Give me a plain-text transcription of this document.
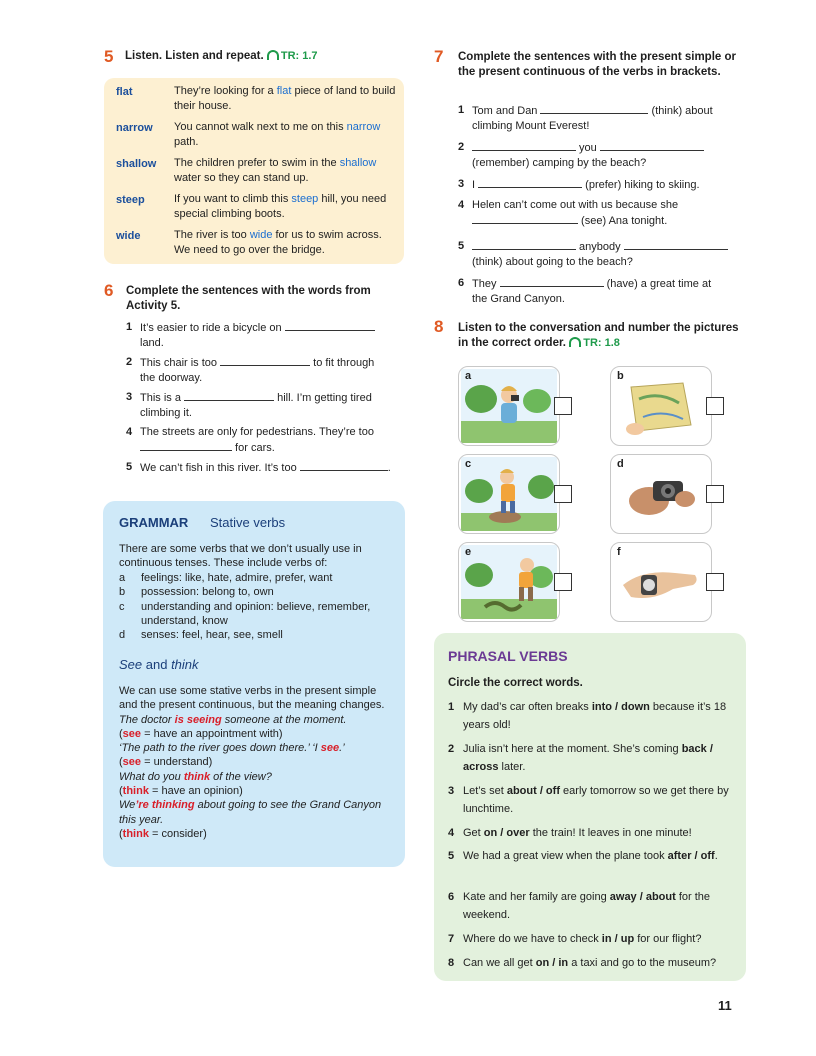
5 Listen. Listen and repeat. TR: 1.7
flat	They’re looking for a flat piece of land to build their house.
narrow You cannot walk next to me on this narrow path.
shallow The children prefer to swim in the shallow water so they can stand up.
steep	If you want to climb this steep hill, you need special climbing boots.
wide	The river is too wide for us to swim across. We need to go over the bridge.
6 Complete the sentences with the words from Activity 5.
1 It’s easier to ride a bicycle on
land.
2 This chair is too	to fit through
the doorway.
3 This is a	hill. I’m getting tired
climbing it.
4 The streets are only for pedestrians. They’re too
for cars.
5 We can’t fish in this river. It’s too	.
GRAMMAR Stative verbs
There are some verbs that we don’t usually use in continuous tenses. These include verbs of:
a feelings: like, hate, admire, prefer, want
b possession: belong to, own
c understanding and opinion: believe, remember, understand, know
d senses: feel, hear, see, smell
See and think
We can use some stative verbs in the present simple and the present continuous, but the meaning changes.
The doctor is seeing someone at the moment.
(see = have an appointment with)
‘The path to the river goes down there.’ ‘I see.’
(see = understand)
What do you think of the view?
(think = have an opinion)
We’re thinking about going to see the Grand Canyon this year.
(think = consider)
7 Complete the sentences with the present simple or the present continuous of the verbs in brackets.
1 Tom and Dan	(think) about
climbing Mount Everest!
2	you
(remember) camping by the beach?
3 I	(prefer) hiking to skiing.
4 Helen can’t come out with us because she
(see) Ana tonight.
5	anybody
(think) about going to the beach?
6 They	(have) a great time at
the Grand Canyon.
8 Listen to the conversation and number the pictures in the correct order. TR: 1.8
a	b
c	d
e	f
PHRASAL VERBS
Circle the correct words.
1 My dad’s car often breaks into / down because it’s 18 years old!
2 Julia isn’t here at the moment. She’s coming back / across later.
3 Let’s set about / off early tomorrow so we get there by lunchtime.
4 Get on / over the train! It leaves in one minute!
5 We had a great view when the plane took after / off.
6 Kate and her family are going away / about for the weekend.
7 Where do we have to check in / up for our flight?
8 Can we all get on / in a taxi and go to the museum?
11
